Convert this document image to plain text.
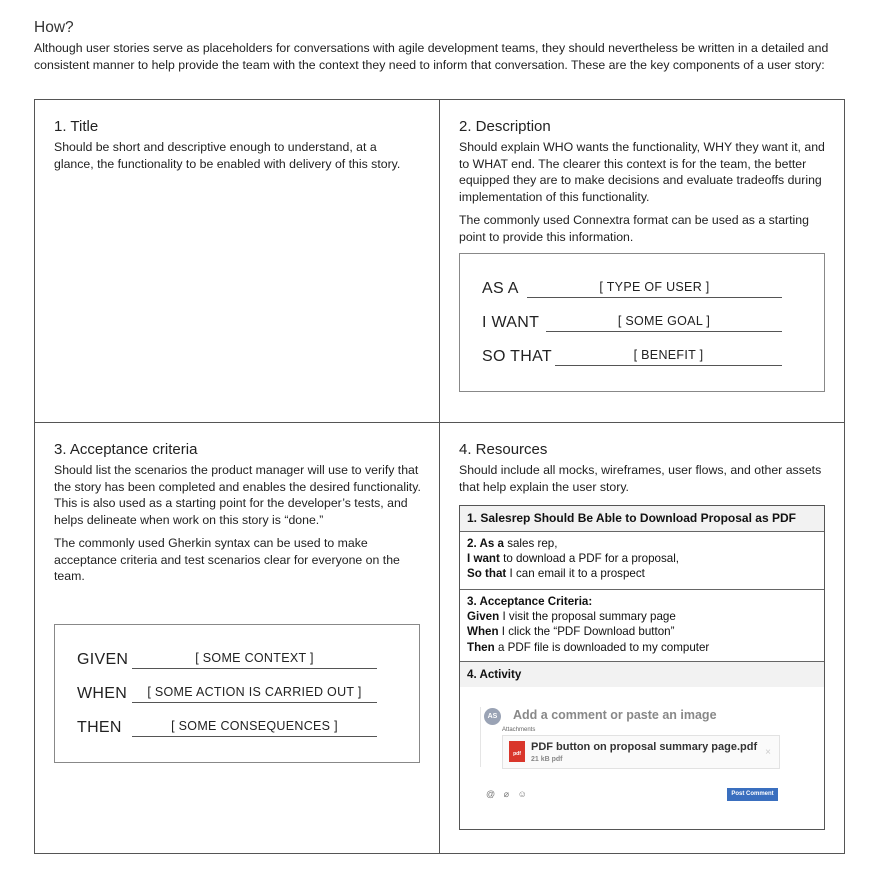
How?
Although user stories serve as placeholders for conversations with agile development teams, they should nevertheless be written in a detailed and consistent manner to help provide the team with the context they need to inform that conversation. These are the key components of a user story:
1. Title

Should be short and descriptive enough to understand, at a glance, the functionality to be enabled with delivery of this story.

2. Description

Should explain WHO wants the functionality, WHY they want it, and to WHAT end. The clearer this context is for the team, the better equipped they are to make decisions and evaluate tradeoffs during implementation of this functionality.

The commonly used Connextra format can be used as a starting point to provide this information.

AS A	[ TYPE OF USER ]
I WANT	[ SOME GOAL ]
SO THAT	[ BENEFIT ]
3. Acceptance criteria

Should list the scenarios the product manager will use to verify that the story has been completed and enables the desired functionality. This is also used as a starting point for the developer’s tests, and helps delineate when work on this story is “done.”

The commonly used Gherkin syntax can be used to make acceptance criteria and test scenarios clear for everyone on the team.

GIVEN	[ SOME CONTEXT ]
WHEN	[ SOME ACTION IS CARRIED OUT ]
THEN	[ SOME CONSEQUENCES ]
4. Resources

Should include all mocks, wireframes, user flows, and other assets that help explain the user story.

1. Salesrep Should Be Able to Download Proposal as PDF
2. As a sales rep,
I want to download a PDF for a proposal,
So that I can email it to a prospect
3. Acceptance Criteria:
Given I visit the proposal summary page
When I click the “PDF Download button”
Then a PDF file is downloaded to my computer
4. Activity
AS Add a comment or paste an image
Attachments
pdf
PDF button on proposal summary page.pdf
21 kB pdf
×
@ ⌀ ☺	Post Comment
